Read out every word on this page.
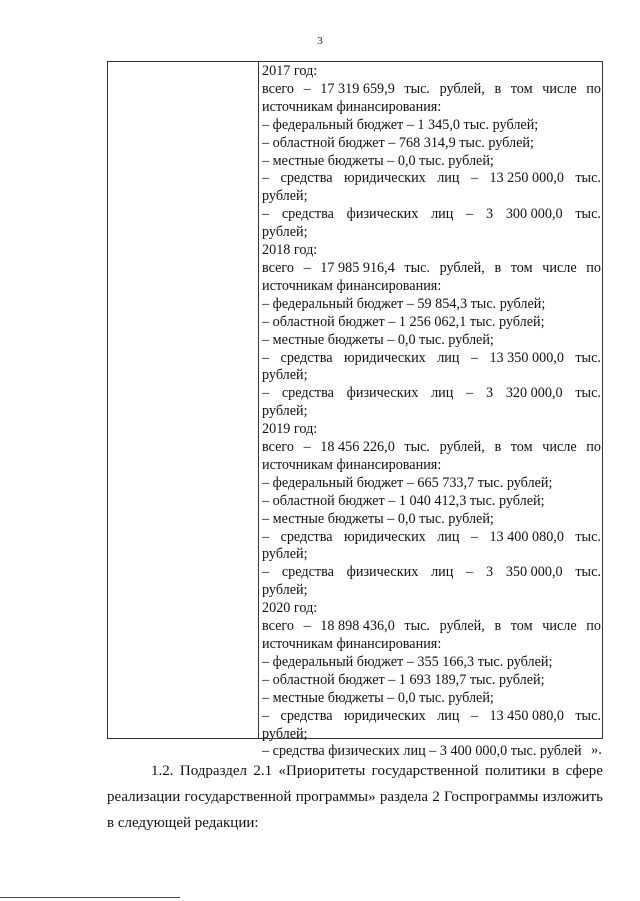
3
2017 год:
всего – 17 319 659,9 тыс. рублей, в том числе по
источникам финансирования:
– федеральный бюджет – 1 345,0 тыс. рублей;
– областной бюджет – 768 314,9 тыс. рублей;
– местные бюджеты – 0,0 тыс. рублей;
– средства юридических лиц – 13 250 000,0 тыс.
рублей;
– средства физических лиц – 3 300 000,0 тыс.
рублей;
2018 год:
всего – 17 985 916,4 тыс. рублей, в том числе по
источникам финансирования:
– федеральный бюджет – 59 854,3 тыс. рублей;
– областной бюджет – 1 256 062,1 тыс. рублей;
– местные бюджеты – 0,0 тыс. рублей;
– средства юридических лиц – 13 350 000,0 тыс.
рублей;
– средства физических лиц – 3 320 000,0 тыс.
рублей;
2019 год:
всего – 18 456 226,0 тыс. рублей, в том числе по
источникам финансирования:
– федеральный бюджет – 665 733,7 тыс. рублей;
– областной бюджет – 1 040 412,3 тыс. рублей;
– местные бюджеты – 0,0 тыс. рублей;
– средства юридических лиц – 13 400 080,0 тыс.
рублей;
– средства физических лиц – 3 350 000,0 тыс.
рублей;
2020 год:
всего – 18 898 436,0 тыс. рублей, в том числе по
источникам финансирования:
– федеральный бюджет – 355 166,3 тыс. рублей;
– областной бюджет – 1 693 189,7 тыс. рублей;
– местные бюджеты – 0,0 тыс. рублей;
– средства юридических лиц – 13 450 080,0 тыс.
рублей;
– средства физических лиц – 3 400 000,0 тыс. рублей ».
1.2. Подраздел 2.1 «Приоритеты государственной политики в сфере
реализации государственной программы» раздела 2 Госпрограммы изложить
в следующей редакции:
